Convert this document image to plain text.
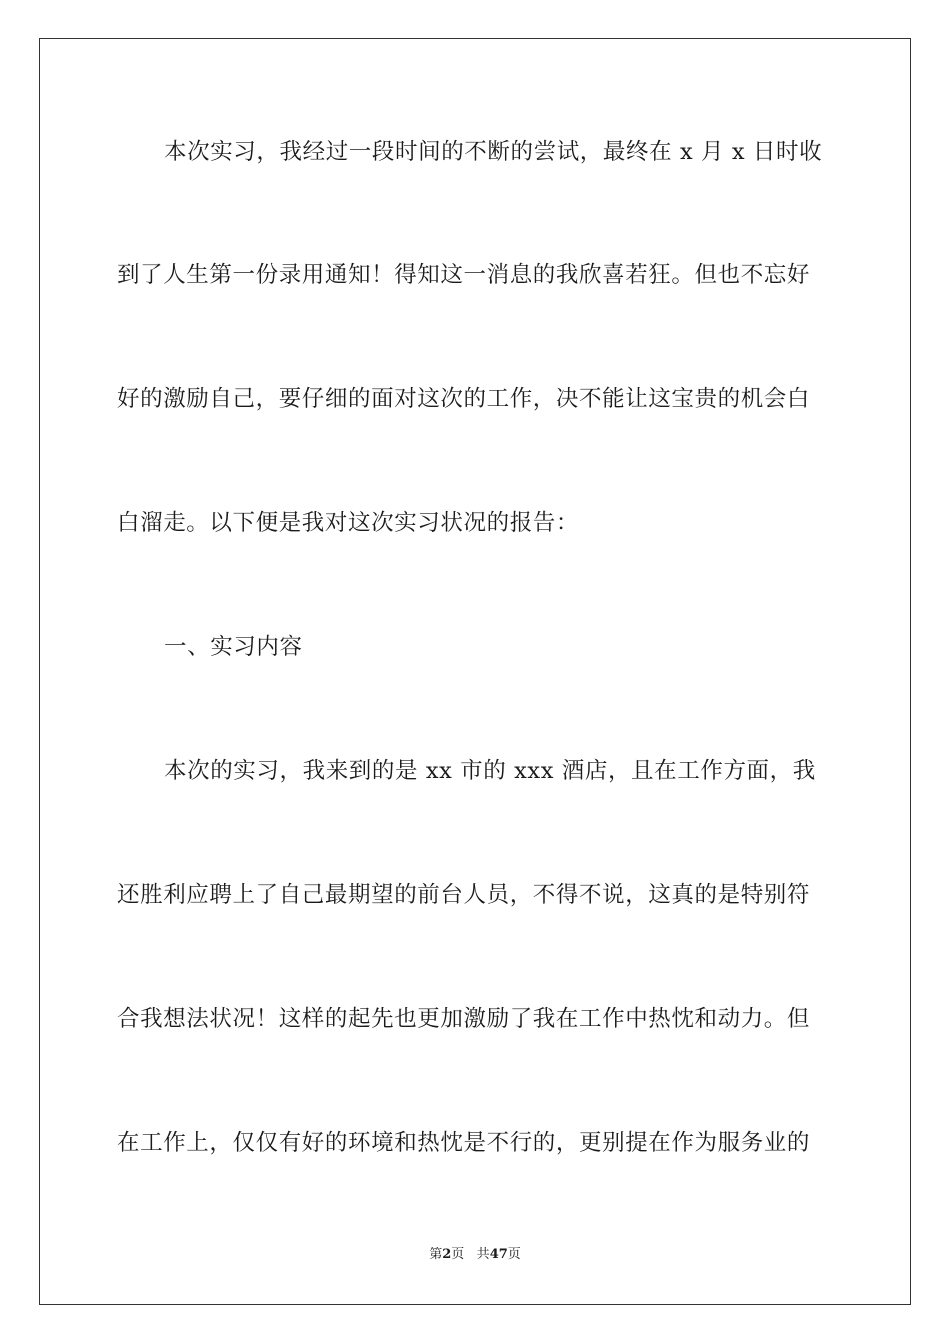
本次实习，我经过一段时间的不断的尝试，最终在 x 月 x 日时收
到了人生第一份录用通知！得知这一消息的我欣喜若狂。但也不忘好
好的激励自己，要仔细的面对这次的工作，决不能让这宝贵的机会白
白溜走。以下便是我对这次实习状况的报告：
一、实习内容
本次的实习，我来到的是 xx 市的 xxx 酒店，且在工作方面，我
还胜利应聘上了自己最期望的前台人员，不得不说，这真的是特别符
合我想法状况！这样的起先也更加激励了我在工作中热忱和动力。但
在工作上，仅仅有好的环境和热忱是不行的，更别提在作为服务业的
第2页 共47页
